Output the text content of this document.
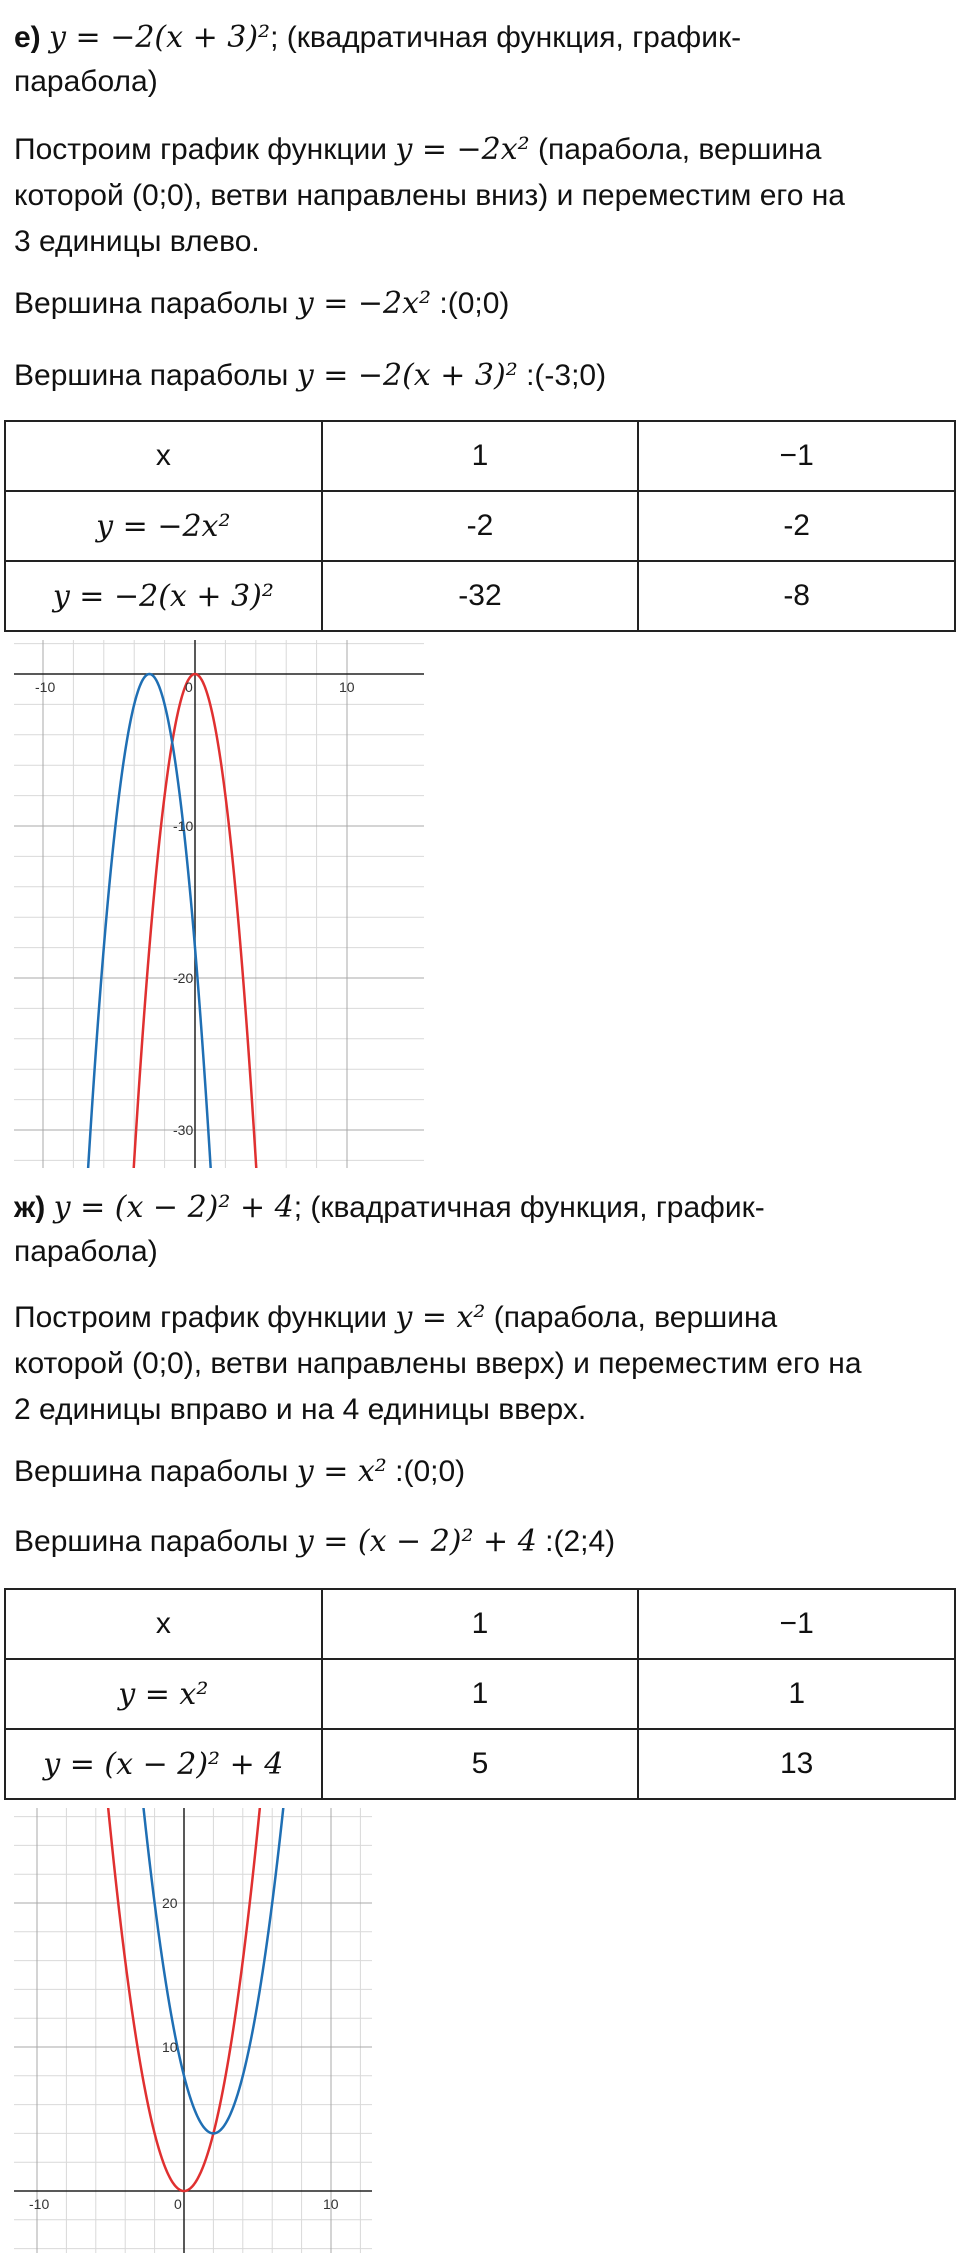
е) y = −2(x + 3)²; (квадратичная функция, график-

парабола)

Построим график функции y = −2x² (парабола, вершина

которой (0;0), ветви направлены вниз) и переместим его на

3 единицы влево.

Вершина параболы y = −2x² :(0;0)

Вершина параболы y = −2(x + 3)² :(-3;0)

x	1	−1
y = −2x²	-2	-2
y = −2(x + 3)²	-32	-8
-10	0	10
-10
-20
-30

ж) y = (x − 2)² + 4; (квадратичная функция, график-

парабола)

Построим график функции y = x² (парабола, вершина

которой (0;0), ветви направлены вверх) и переместим его на

2 единицы вправо и на 4 единицы вверх.

Вершина параболы y = x² :(0;0)

Вершина параболы y = (x − 2)² + 4 :(2;4)

x	1	−1
y = x²	1	1
y = (x − 2)² + 4	5	13
-10	0	10
20
10
